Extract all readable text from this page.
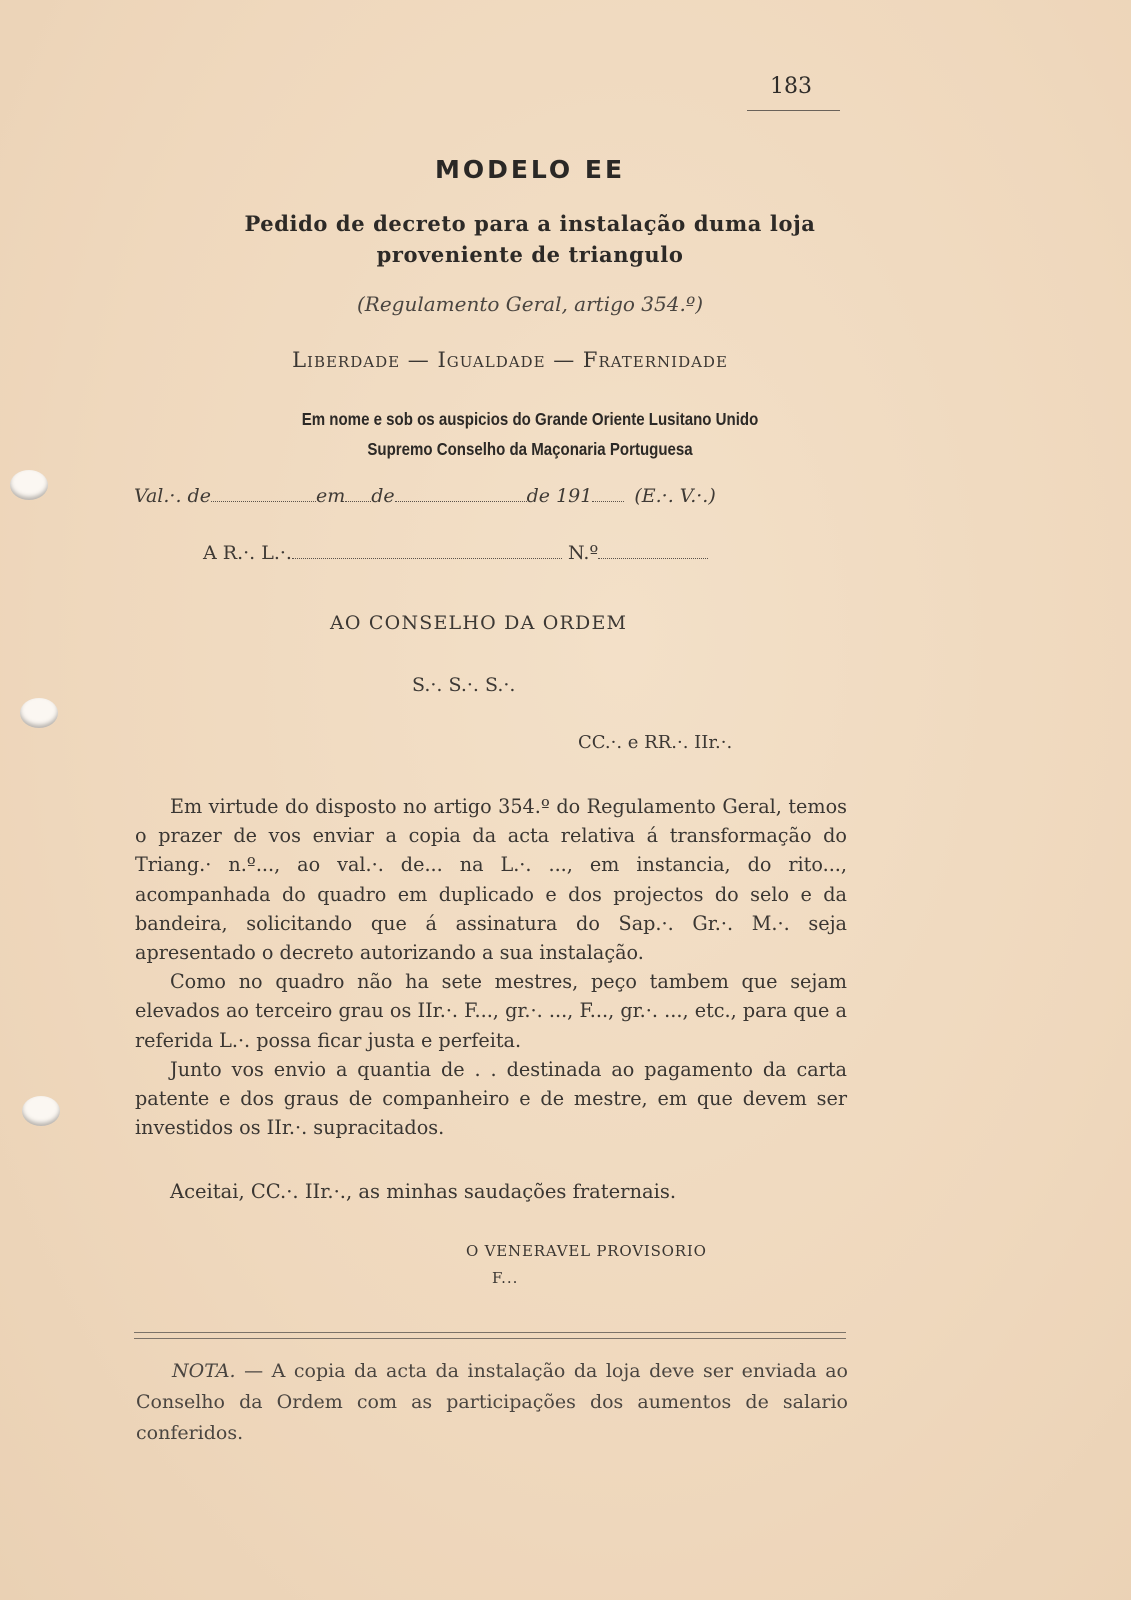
183
MODELO EE
Pedido de decreto para a instalação duma loja
proveniente de triangulo
(Regulamento Geral, artigo 354.º)
Liberdade — Igualdade — Fraternidade
Em nome e sob os auspicios do Grande Oriente Lusitano Unido
Supremo Conselho da Maçonaria Portuguesa
Val.·. de	em de	de 191 (E.·. V.·.)
A R.·. L.·.	N.º
AO CONSELHO DA ORDEM
S.·. S.·. S.·.
CC.·. e RR.·. IIr.·.

Em virtude do disposto no artigo 354.º do Regulamento Geral, temos o prazer de vos enviar a copia da acta relativa á transformação do Triang.· n.º..., ao val.·. de... na L.·. ..., em instancia, do rito..., acompanhada do quadro em duplicado e dos projectos do selo e da bandeira, solicitando que á assinatura do Sap.·. Gr.·. M.·. seja apresentado o decreto autorizando a sua instalação.

Como no quadro não ha sete mestres, peço tambem que sejam elevados ao terceiro grau os IIr.·. F..., gr.·. ..., F..., gr.·. ..., etc., para que a referida L.·. possa ficar justa e perfeita.

Junto vos envio a quantia de . . destinada ao pagamento da carta patente e dos graus de companheiro e de mestre, em que devem ser investidos os IIr.·. supracitados.

Aceitai, CC.·. IIr.·., as minhas saudações fraternais.
O VENERAVEL PROVISORIO
F...
NOTA. — A copia da acta da instalação da loja deve ser enviada ao Conselho da Ordem com as participações dos aumentos de salario conferidos.
